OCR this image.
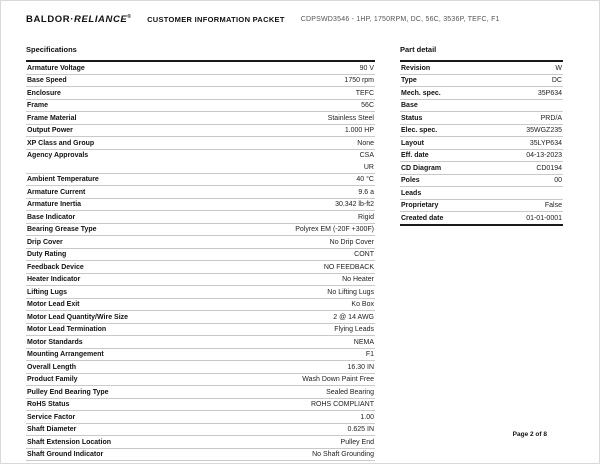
BALDOR·RELIANCE® CUSTOMER INFORMATION PACKET CDPSWD3546 - 1HP, 1750RPM, DC, 56C, 3536P, TEFC, F1
Specifications
Armature Voltage	90 V
Base Speed	1750 rpm
Enclosure	TEFC
Frame	56C
Frame Material	Stainless Steel
Output Power	1.000 HP
XP Class and Group	None
Agency Approvals	CSA
UR
Ambient Temperature	40 °C
Armature Current	9.6 a
Armature Inertia	30.342 lb-ft2
Base Indicator	Rigid
Bearing Grease Type	Polyrex EM (-20F +300F)
Drip Cover	No Drip Cover
Duty Rating	CONT
Feedback Device	NO FEEDBACK
Heater Indicator	No Heater
Lifting Lugs	No Lifting Lugs
Motor Lead Exit	Ko Box
Motor Lead Quantity/Wire Size	2 @ 14 AWG
Motor Lead Termination	Flying Leads
Motor Standards	NEMA
Mounting Arrangement	F1
Overall Length	16.30 IN
Product Family	Wash Down Paint Free
Pulley End Bearing Type	Sealed Bearing
RoHS Status	ROHS COMPLIANT
Service Factor	1.00
Shaft Diameter	0.625 IN
Shaft Extension Location	Pulley End
Shaft Ground Indicator	No Shaft Grounding
Part detail
Revision	W
Type	DC
Mech. spec.	35P634
Base
Status	PRD/A
Elec. spec.	35WGZ235
Layout	35LYP634
Eff. date	04-13-2023
CD Diagram	CD0194
Poles	00
Leads
Proprietary	False
Created date	01-01-0001
Page 2 of 8
